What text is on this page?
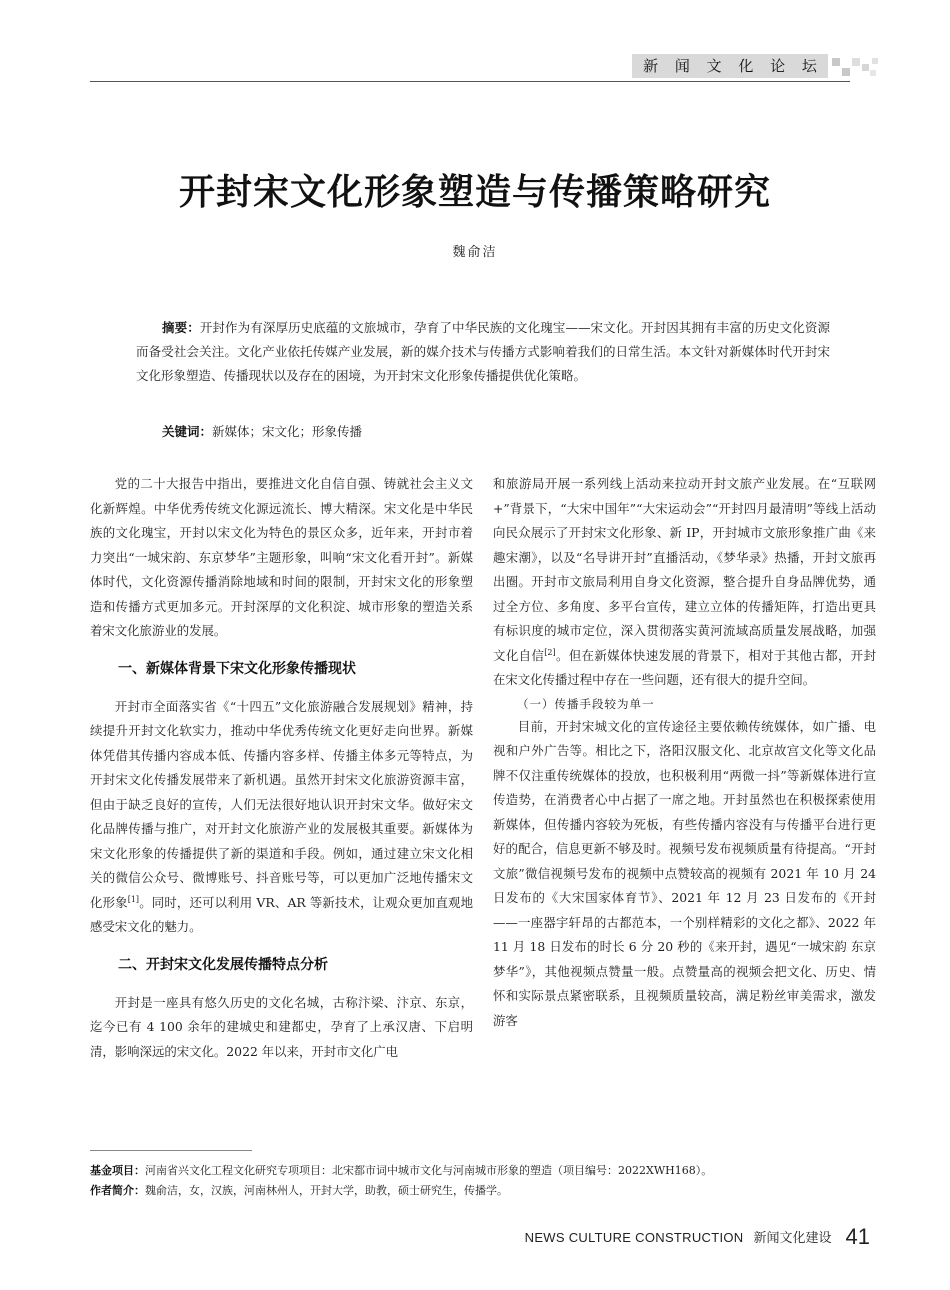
新 闻 文 化 论 坛
开封宋文化形象塑造与传播策略研究
魏俞洁
摘要：开封作为有深厚历史底蕴的文旅城市，孕育了中华民族的文化瑰宝——宋文化。开封因其拥有丰富的历史文化资源而备受社会关注。文化产业依托传媒产业发展，新的媒介技术与传播方式影响着我们的日常生活。本文针对新媒体时代开封宋文化形象塑造、传播现状以及存在的困境，为开封宋文化形象传播提供优化策略。
关键词：新媒体；宋文化；形象传播

党的二十大报告中指出，要推进文化自信自强、铸就社会主义文化新辉煌。中华优秀传统文化源远流长、博大精深。宋文化是中华民族的文化瑰宝，开封以宋文化为特色的景区众多，近年来，开封市着力突出“一城宋韵、东京梦华”主题形象，叫响“宋文化看开封”。新媒体时代，文化资源传播消除地域和时间的限制，开封宋文化的形象塑造和传播方式更加多元。开封深厚的文化积淀、城市形象的塑造关系着宋文化旅游业的发展。

一、新媒体背景下宋文化形象传播现状

开封市全面落实省《“十四五”文化旅游融合发展规划》精神，持续提升开封文化软实力，推动中华优秀传统文化更好走向世界。新媒体凭借其传播内容成本低、传播内容多样、传播主体多元等特点，为开封宋文化传播发展带来了新机遇。虽然开封宋文化旅游资源丰富，但由于缺乏良好的宣传，人们无法很好地认识开封宋文华。做好宋文化品牌传播与推广，对开封文化旅游产业的发展极其重要。新媒体为宋文化形象的传播提供了新的渠道和手段。例如，通过建立宋文化相关的微信公众号、微博账号、抖音账号等，可以更加广泛地传播宋文化形象[1]。同时，还可以利用 VR、AR 等新技术，让观众更加直观地感受宋文化的魅力。

二、开封宋文化发展传播特点分析

开封是一座具有悠久历史的文化名城，古称汴梁、汴京、东京，迄今已有 4 100 余年的建城史和建都史，孕育了上承汉唐、下启明清，影响深远的宋文化。2022 年以来，开封市文化广电

和旅游局开展一系列线上活动来拉动开封文旅产业发展。在“互联网 +”背景下，“大宋中国年”“大宋运动会”“开封四月最清明”等线上活动向民众展示了开封宋文化形象、新 IP，开封城市文旅形象推广曲《来趣宋潮》，以及“名导讲开封”直播活动，《梦华录》热播，开封文旅再出圈。开封市文旅局利用自身文化资源，整合提升自身品牌优势，通过全方位、多角度、多平台宣传，建立立体的传播矩阵，打造出更具有标识度的城市定位，深入贯彻落实黄河流域高质量发展战略，加强文化自信[2]。但在新媒体快速发展的背景下，相对于其他古都，开封在宋文化传播过程中存在一些问题，还有很大的提升空间。

（一）传播手段较为单一

目前，开封宋城文化的宣传途径主要依赖传统媒体，如广播、电视和户外广告等。相比之下，洛阳汉服文化、北京故宫文化等文化品牌不仅注重传统媒体的投放，也积极利用“两微一抖”等新媒体进行宣传造势，在消费者心中占据了一席之地。开封虽然也在积极探索使用新媒体，但传播内容较为死板，有些传播内容没有与传播平台进行更好的配合，信息更新不够及时。视频号发布视频质量有待提高。“开封文旅”微信视频号发布的视频中点赞较高的视频有 2021 年 10 月 24 日发布的《大宋国家体育节》、2021 年 12 月 23 日发布的《开封——一座器宇轩昂的古都范本，一个别样精彩的文化之都》、2022 年 11 月 18 日发布的时长 6 分 20 秒的《来开封，遇见“一城宋韵 东京梦华”》，其他视频点赞量一般。点赞量高的视频会把文化、历史、情怀和实际景点紧密联系，且视频质量较高，满足粉丝审美需求，激发游客

基金项目：河南省兴文化工程文化研究专项项目：北宋都市词中城市文化与河南城市形象的塑造（项目编号：2022XWH168）。
作者简介：魏俞洁，女，汉族，河南林州人，开封大学，助教，硕士研究生，传播学。
NEWS CULTURE CONSTRUCTION 新闻文化建设 41
